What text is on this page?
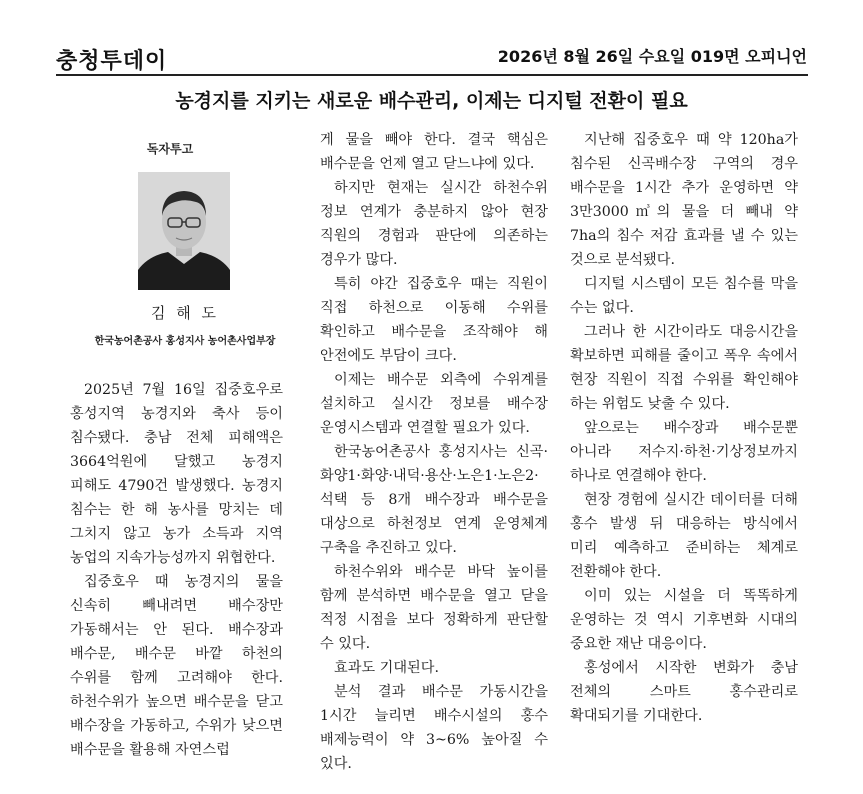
충청투데이	2026년 8월 26일 수요일 019면 오피니언
농경지를 지키는 새로운 배수관리, 이제는 디지털 전환이 필요
독자투고
김 해 도
한국농어촌공사 홍성지사 농어촌사업부장

2025년 7월 16일 집중호우로 홍성지역 농경지와 축사 등이 침수됐다. 충남 전체 피해액은 3664억원에 달했고 농경지 피해도 4790건 발생했다. 농경지 침수는 한 해 농사를 망치는 데 그치지 않고 농가 소득과 지역 농업의 지속가능성까지 위협한다.

집중호우 때 농경지의 물을 신속히 빼내려면 배수장만 가동해서는 안 된다. 배수장과 배수문, 배수문 바깥 하천의 수위를 함께 고려해야 한다. 하천수위가 높으면 배수문을 닫고 배수장을 가동하고, 수위가 낮으면 배수문을 활용해 자연스럽

게 물을 빼야 한다. 결국 핵심은 배수문을 언제 열고 닫느냐에 있다.

하지만 현재는 실시간 하천수위 정보 연계가 충분하지 않아 현장 직원의 경험과 판단에 의존하는 경우가 많다.

특히 야간 집중호우 때는 직원이 직접 하천으로 이동해 수위를 확인하고 배수문을 조작해야 해 안전에도 부담이 크다.

이제는 배수문 외측에 수위계를 설치하고 실시간 정보를 배수장 운영시스템과 연결할 필요가 있다.

한국농어촌공사 홍성지사는 신곡·화양1·화양·내덕·용산·노은1·노은2·석택 등 8개 배수장과 배수문을 대상으로 하천정보 연계 운영체계 구축을 추진하고 있다.

하천수위와 배수문 바닥 높이를 함께 분석하면 배수문을 열고 닫을 적정 시점을 보다 정확하게 판단할 수 있다.

효과도 기대된다.

분석 결과 배수문 가동시간을 1시간 늘리면 배수시설의 홍수 배제능력이 약 3~6% 높아질 수 있다.

지난해 집중호우 때 약 120ha가 침수된 신곡배수장 구역의 경우 배수문을 1시간 추가 운영하면 약 3만3000㎥의 물을 더 빼내 약 7ha의 침수 저감 효과를 낼 수 있는 것으로 분석됐다.

디지털 시스템이 모든 침수를 막을 수는 없다.

그러나 한 시간이라도 대응시간을 확보하면 피해를 줄이고 폭우 속에서 현장 직원이 직접 수위를 확인해야 하는 위험도 낮출 수 있다.

앞으로는 배수장과 배수문뿐 아니라 저수지·하천·기상정보까지 하나로 연결해야 한다.

현장 경험에 실시간 데이터를 더해 홍수 발생 뒤 대응하는 방식에서 미리 예측하고 준비하는 체계로 전환해야 한다.

이미 있는 시설을 더 똑똑하게 운영하는 것 역시 기후변화 시대의 중요한 재난 대응이다.

홍성에서 시작한 변화가 충남 전체의 스마트 홍수관리로 확대되기를 기대한다.
